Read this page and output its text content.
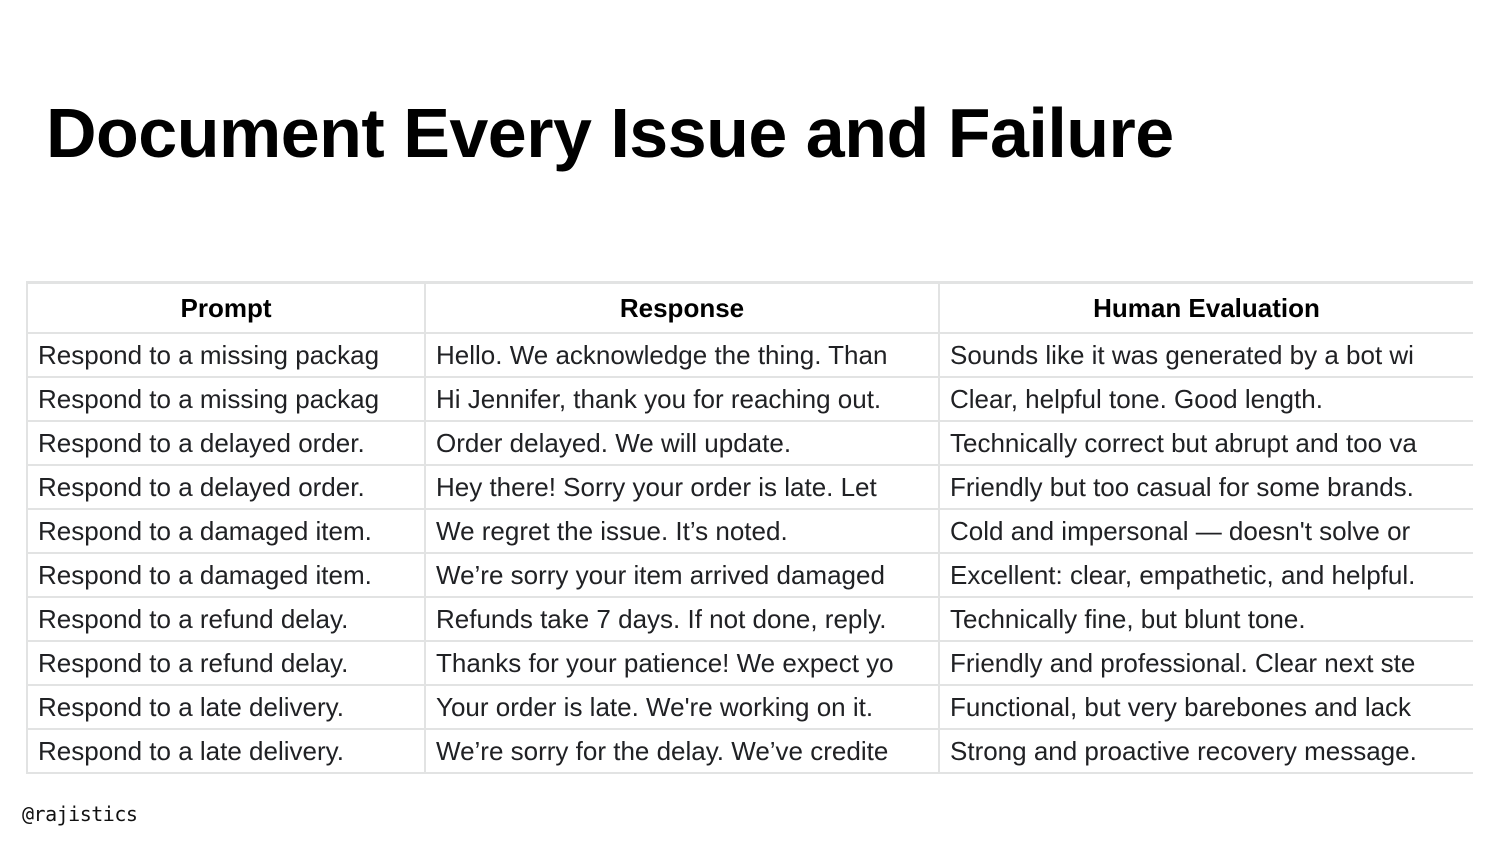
Document Every Issue and Failure
Prompt	Response	Human Evaluation
Respond to a missing packag	Hello. We acknowledge the thing. Than	Sounds like it was generated by a bot wi
Respond to a missing packag	Hi Jennifer, thank you for reaching out.	Clear, helpful tone. Good length.
Respond to a delayed order.	Order delayed. We will update.	Technically correct but abrupt and too va
Respond to a delayed order.	Hey there! Sorry your order is late. Let	Friendly but too casual for some brands.
Respond to a damaged item.	We regret the issue. It’s noted.	Cold and impersonal — doesn't solve or
Respond to a damaged item.	We’re sorry your item arrived damaged	Excellent: clear, empathetic, and helpful.
Respond to a refund delay.	Refunds take 7 days. If not done, reply.	Technically fine, but blunt tone.
Respond to a refund delay.	Thanks for your patience! We expect yo	Friendly and professional. Clear next ste
Respond to a late delivery.	Your order is late. We're working on it.	Functional, but very barebones and lack
Respond to a late delivery.	We’re sorry for the delay. We’ve credite	Strong and proactive recovery message.
@rajistics
